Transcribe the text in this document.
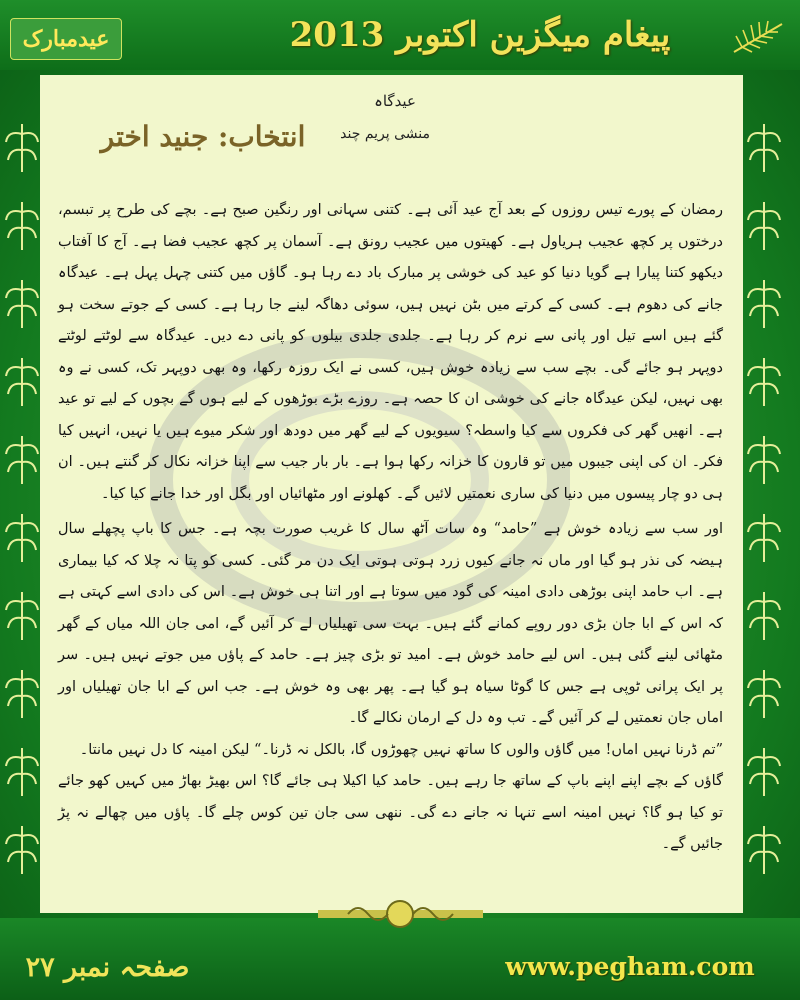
عیدمبارک	پیغام میگزین اکتوبر 2013
عیدگاہ
منشی پریم چند
انتخاب: جنید اختر

رمضان کے پورے تیس روزوں کے بعد آج عید آئی ہے۔ کتنی سہانی اور رنگین صبح ہے۔ بچے کی طرح پر تبسم، درختوں پر کچھ عجیب ہریاول ہے۔ کھیتوں میں عجیب رونق ہے۔ آسمان پر کچھ عجیب فضا ہے۔ آج کا آفتاب دیکھو کتنا پیارا ہے گویا دنیا کو عید کی خوشی پر مبارک باد دے رہا ہو۔ گاؤں میں کتنی چہل پہل ہے۔ عیدگاہ جانے کی دھوم ہے۔ کسی کے کرتے میں بٹن نہیں ہیں، سوئی دھاگہ لینے جا رہا ہے۔ کسی کے جوتے سخت ہو گئے ہیں اسے تیل اور پانی سے نرم کر رہا ہے۔ جلدی جلدی بیلوں کو پانی دے دیں۔ عیدگاہ سے لوٹتے لوٹتے دوپہر ہو جائے گی۔ بچے سب سے زیادہ خوش ہیں، کسی نے ایک روزہ رکھا، وہ بھی دوپہر تک، کسی نے وہ بھی نہیں، لیکن عیدگاہ جانے کی خوشی ان کا حصہ ہے۔ روزے بڑے بوڑھوں کے لیے ہوں گے بچوں کے لیے تو عید ہے۔ انھیں گھر کی فکروں سے کیا واسطہ؟ سیویوں کے لیے گھر میں دودھ اور شکر میوے ہیں یا نہیں، انہیں کیا فکر۔ ان کی اپنی جیبوں میں تو قارون کا خزانہ رکھا ہوا ہے۔ بار بار جیب سے اپنا خزانہ نکال کر گنتے ہیں۔ ان ہی دو چار پیسوں میں دنیا کی ساری نعمتیں لائیں گے۔ کھلونے اور مٹھائیاں اور بگل اور خدا جانے کیا کیا۔

اور سب سے زیادہ خوش ہے ”حامد“ وہ سات آٹھ سال کا غریب صورت بچہ ہے۔ جس کا باپ پچھلے سال ہیضہ کی نذر ہو گیا اور ماں نہ جانے کیوں زرد ہوتی ہوتی ایک دن مر گئی۔ کسی کو پتا نہ چلا کہ کیا بیماری ہے۔ اب حامد اپنی بوڑھی دادی امینہ کی گود میں سوتا ہے اور اتنا ہی خوش ہے۔ اس کی دادی اسے کہتی ہے کہ اس کے ابا جان بڑی دور روپے کمانے گئے ہیں۔ بہت سی تھیلیاں لے کر آئیں گے، امی جان اللہ میاں کے گھر مٹھائی لینے گئی ہیں۔ اس لیے حامد خوش ہے۔ امید تو بڑی چیز ہے۔ حامد کے پاؤں میں جوتے نہیں ہیں۔ سر پر ایک پرانی ٹوپی ہے جس کا گوٹا سیاہ ہو گیا ہے۔ پھر بھی وہ خوش ہے۔ جب اس کے ابا جان تھیلیاں اور اماں جان نعمتیں لے کر آئیں گے۔ تب وہ دل کے ارمان نکالے گا۔

”تم ڈرنا نہیں اماں! میں گاؤں والوں کا ساتھ نہیں چھوڑوں گا، بالکل نہ ڈرنا۔“ لیکن امینہ کا دل نہیں مانتا۔

گاؤں کے بچے اپنے اپنے باپ کے ساتھ جا رہے ہیں۔ حامد کیا اکیلا ہی جائے گا؟ اس بھیڑ بھاڑ میں کہیں کھو جائے تو کیا ہو گا؟ نہیں امینہ اسے تنہا نہ جانے دے گی۔ ننھی سی جان تین کوس چلے گا۔ پاؤں میں چھالے نہ پڑ جائیں گے۔

صفحہ نمبر ۲۷	www.pegham.com
